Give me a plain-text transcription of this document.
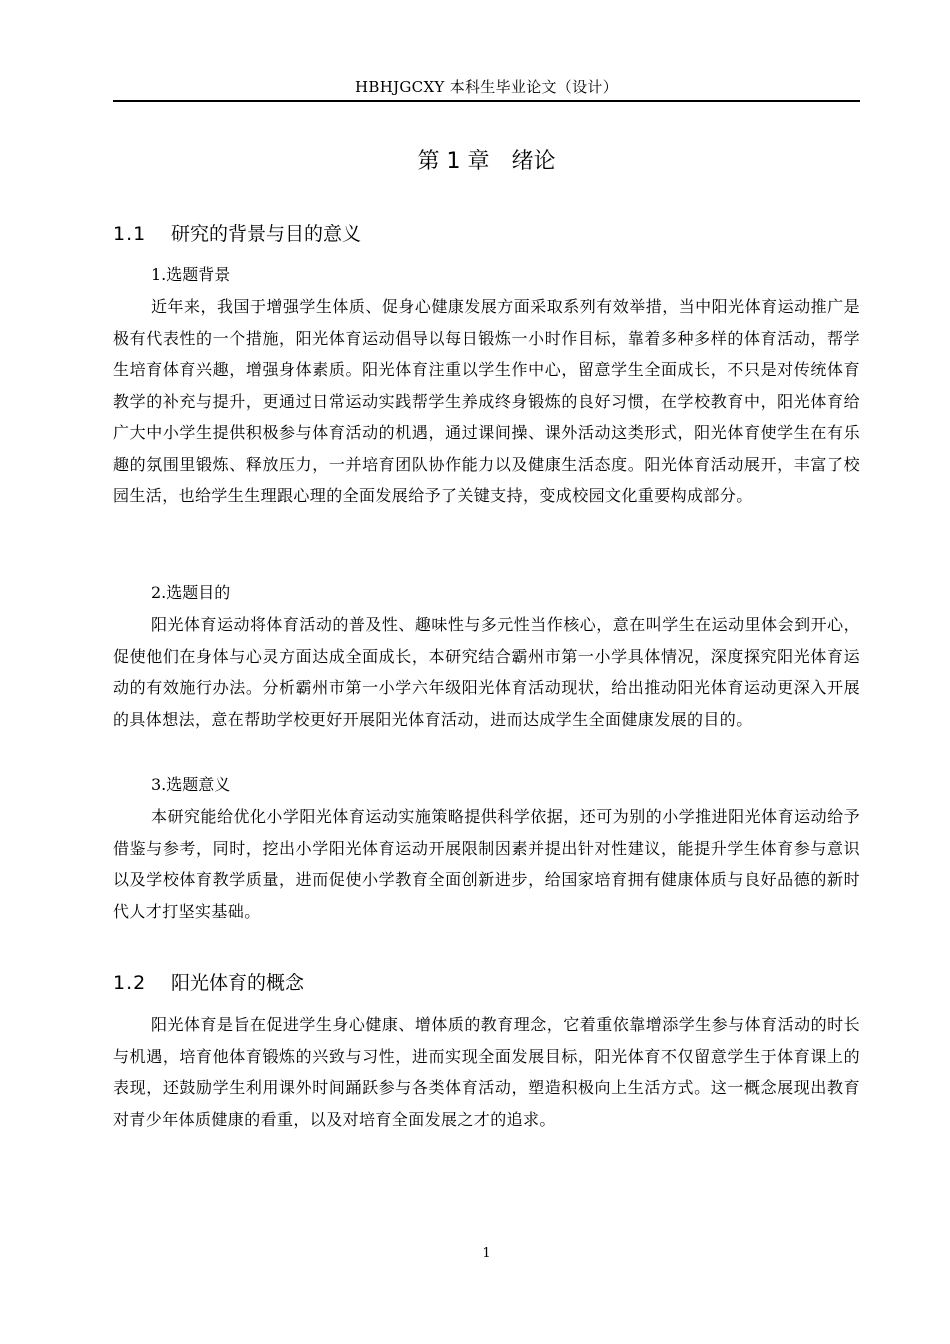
HBHJGCXY 本科生毕业论文（设计）
第 1 章 绪论
1.1 研究的背景与目的意义
1.选题背景
近年来，我国于增强学生体质、促身心健康发展方面采取系列有效举措，当中阳光体育运动推广是极有代表性的一个措施，阳光体育运动倡导以每日锻炼一小时作目标，靠着多种多样的体育活动，帮学生培育体育兴趣，增强身体素质。阳光体育注重以学生作中心，留意学生全面成长，不只是对传统体育教学的补充与提升，更通过日常运动实践帮学生养成终身锻炼的良好习惯，在学校教育中，阳光体育给广大中小学生提供积极参与体育活动的机遇，通过课间操、课外活动这类形式，阳光体育使学生在有乐趣的氛围里锻炼、释放压力，一并培育团队协作能力以及健康生活态度。阳光体育活动展开，丰富了校园生活，也给学生生理跟心理的全面发展给予了关键支持，变成校园文化重要构成部分。
2.选题目的
阳光体育运动将体育活动的普及性、趣味性与多元性当作核心，意在叫学生在运动里体会到开心，促使他们在身体与心灵方面达成全面成长，本研究结合霸州市第一小学具体情况，深度探究阳光体育运动的有效施行办法。分析霸州市第一小学六年级阳光体育活动现状，给出推动阳光体育运动更深入开展的具体想法，意在帮助学校更好开展阳光体育活动，进而达成学生全面健康发展的目的。
3.选题意义
本研究能给优化小学阳光体育运动实施策略提供科学依据，还可为别的小学推进阳光体育运动给予借鉴与参考，同时，挖出小学阳光体育运动开展限制因素并提出针对性建议，能提升学生体育参与意识以及学校体育教学质量，进而促使小学教育全面创新进步，给国家培育拥有健康体质与良好品德的新时代人才打坚实基础。
1.2 阳光体育的概念
阳光体育是旨在促进学生身心健康、增体质的教育理念，它着重依靠增添学生参与体育活动的时长与机遇，培育他体育锻炼的兴致与习性，进而实现全面发展目标，阳光体育不仅留意学生于体育课上的表现，还鼓励学生利用课外时间踊跃参与各类体育活动，塑造积极向上生活方式。这一概念展现出教育对青少年体质健康的看重，以及对培育全面发展之才的追求。
1
